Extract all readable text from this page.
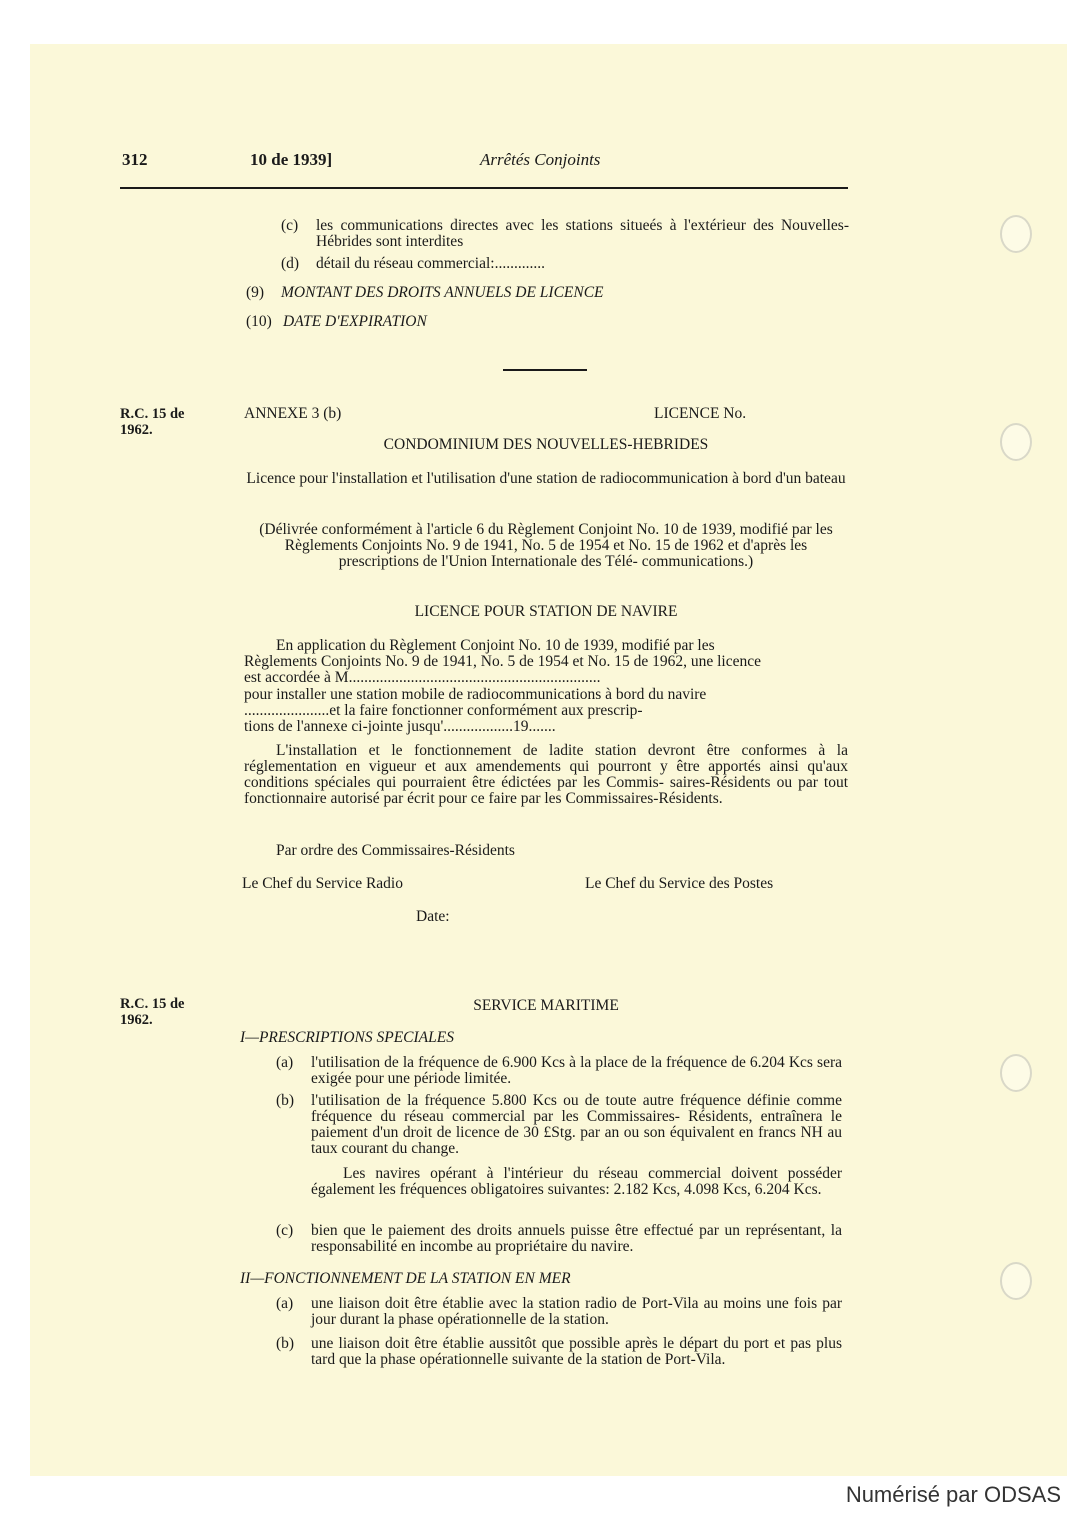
312	10 de 1939]	Arrêtés Conjoints
(c) les communications directes avec les stations situeés à l'extérieur des Nouvelles-Hébrides sont interdites
(d) détail du réseau commercial:.............
(9) MONTANT DES DROITS ANNUELS DE LICENCE
(10) DATE D'EXPIRATION
R.C. 15 de 1962.
ANNEXE 3 (b)	LICENCE No.
CONDOMINIUM DES NOUVELLES-HEBRIDES
Licence pour l'installation et l'utilisation d'une station de radiocommunication à bord d'un bateau
(Délivrée conformément à l'article 6 du Règlement Conjoint No. 10 de 1939, modifié par les Règlements Conjoints No. 9 de 1941, No. 5 de 1954 et No. 15 de 1962 et d'après les prescriptions de l'Union Internationale des Télé- communications.)
LICENCE POUR STATION DE NAVIRE
En application du Règlement Conjoint No. 10 de 1939, modifié par les
Règlements Conjoints No. 9 de 1941, No. 5 de 1954 et No. 15 de 1962, une licence
est accordée à M.................................................................
pour installer une station mobile de radiocommunications à bord du navire
......................et la faire fonctionner conformément aux prescrip-
tions de l'annexe ci-jointe jusqu'..................19.......
L'installation et le fonctionnement de ladite station devront être conformes à la réglementation en vigueur et aux amendements qui pourront y être apportés ainsi qu'aux conditions spéciales qui pourraient être édictées par les Commis- saires-Résidents ou par tout fonctionnaire autorisé par écrit pour ce faire par les Commissaires-Résidents.
Par ordre des Commissaires-Résidents
Le Chef du Service Radio	Le Chef du Service des Postes
Date:
R.C. 15 de 1962.
SERVICE MARITIME
I—PRESCRIPTIONS SPECIALES
(a) l'utilisation de la fréquence de 6.900 Kcs à la place de la fréquence de 6.204 Kcs sera exigée pour une période limitée.
(b) l'utilisation de la fréquence 5.800 Kcs ou de toute autre fréquence définie comme fréquence du réseau commercial par les Commissaires- Résidents, entraînera le paiement d'un droit de licence de 30 £Stg. par an ou son équivalent en francs NH au taux courant du change.
Les navires opérant à l'intérieur du réseau commercial doivent posséder également les fréquences obligatoires suivantes: 2.182 Kcs, 4.098 Kcs, 6.204 Kcs.
(c) bien que le paiement des droits annuels puisse être effectué par un représentant, la responsabilité en incombe au propriétaire du navire.
II—FONCTIONNEMENT DE LA STATION EN MER
(a) une liaison doit être établie avec la station radio de Port-Vila au moins une fois par jour durant la phase opérationnelle de la station.
(b) une liaison doit être établie aussitôt que possible après le départ du port et pas plus tard que la phase opérationnelle suivante de la station de Port-Vila.
Numérisé par ODSAS
